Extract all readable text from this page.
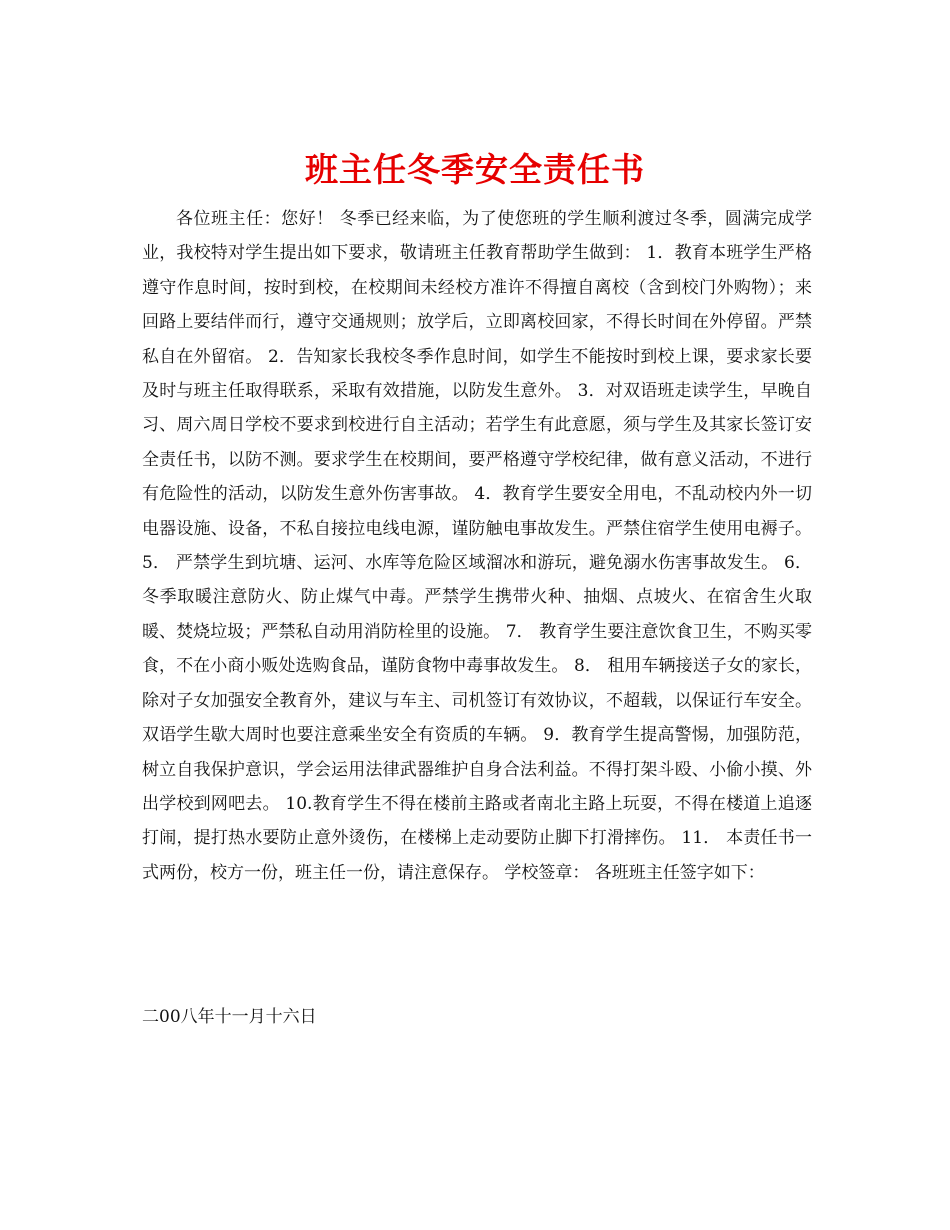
班主任冬季安全责任书

各位班主任：您好！ 冬季已经来临，为了使您班的学生顺利渡过冬季，圆满完成学业，我校特对学生提出如下要求，敬请班主任教育帮助学生做到： 1．教育本班学生严格遵守作息时间，按时到校，在校期间未经校方准许不得擅自离校（含到校门外购物）；来回路上要结伴而行，遵守交通规则；放学后，立即离校回家，不得长时间在外停留。严禁私自在外留宿。 2．告知家长我校冬季作息时间，如学生不能按时到校上课，要求家长要及时与班主任取得联系，采取有效措施，以防发生意外。 3．对双语班走读学生，早晚自习、周六周日学校不要求到校进行自主活动；若学生有此意愿，须与学生及其家长签订安全责任书，以防不测。要求学生在校期间，要严格遵守学校纪律，做有意义活动，不进行有危险性的活动，以防发生意外伤害事故。 4．教育学生要安全用电，不乱动校内外一切电器设施、设备，不私自接拉电线电源，谨防触电事故发生。严禁住宿学生使用电褥子。 5． 严禁学生到坑塘、运河、水库等危险区域溜冰和游玩，避免溺水伤害事故发生。 6．冬季取暖注意防火、防止煤气中毒。严禁学生携带火种、抽烟、点坡火、在宿舍生火取暖、焚烧垃圾；严禁私自动用消防栓里的设施。 7． 教育学生要注意饮食卫生，不购买零食，不在小商小贩处选购食品，谨防食物中毒事故发生。 8． 租用车辆接送子女的家长，除对子女加强安全教育外，建议与车主、司机签订有效协议，不超载，以保证行车安全。双语学生歇大周时也要注意乘坐安全有资质的车辆。 9．教育学生提高警惕，加强防范，树立自我保护意识，学会运用法律武器维护自身合法利益。不得打架斗殴、小偷小摸、外出学校到网吧去。 10.教育学生不得在楼前主路或者南北主路上玩耍，不得在楼道上追逐打闹，提打热水要防止意外烫伤，在楼梯上走动要防止脚下打滑摔伤。 11． 本责任书一式两份，校方一份，班主任一份，请注意保存。 学校签章： 各班班主任签字如下：

二00八年十一月十六日
